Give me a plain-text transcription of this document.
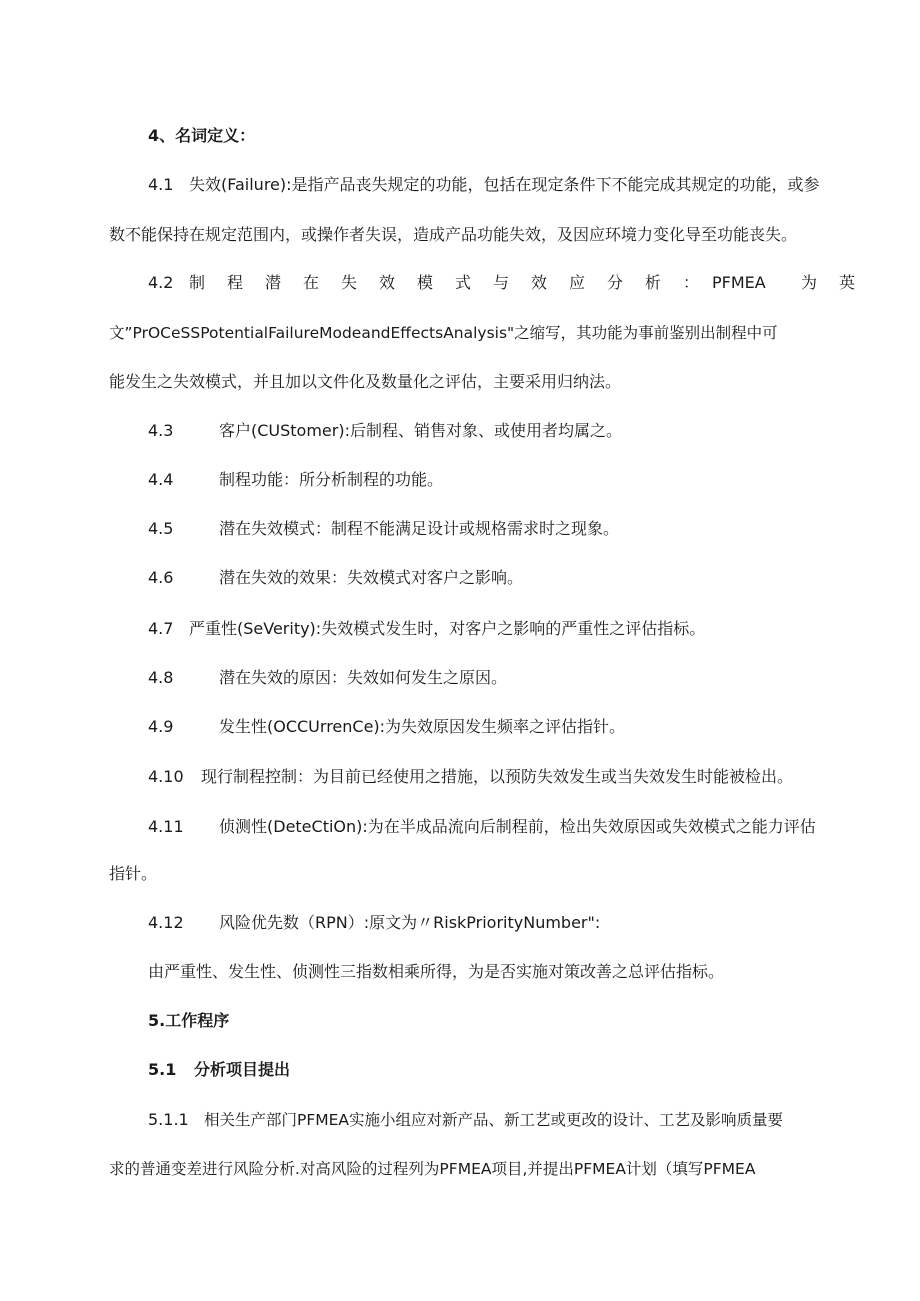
4、名词定义：
4.1 失效(Failure):是指产品丧失规定的功能，包括在现定条件下不能完成其规定的功能，或参
数不能保持在规定范围内，或操作者失误，造成产品功能失效，及因应环境力变化导至功能丧失。
4.2 制 程 潜 在 失 效 模 式 与 效 应 分 析 ： PFMEA 为 英
文”PrOCeSSPotentialFailureModeandEffectsAnalysis"之缩写，其功能为事前鉴别出制程中可
能发生之失效模式，并且加以文件化及数量化之评估，主要采用归纳法。
4.3	客户(CUStomer):后制程、销售对象、或使用者均属之。
4.4	制程功能：所分析制程的功能。
4.5	潜在失效模式：制程不能满足设计或规格需求时之现象。
4.6	潜在失效的效果：失效模式对客户之影响。
4.7 严重性(SeVerity):失效模式发生时，对客户之影响的严重性之评估指标。
4.8	潜在失效的原因：失效如何发生之原因。
4.9	发生性(OCCUrrenCe):为失效原因发生频率之评估指针。
4.10 现行制程控制：为目前已经使用之措施，以预防失效发生或当失效发生时能被检出。
4.11 侦测性(DeteCtiOn):为在半成品流向后制程前，检出失效原因或失效模式之能力评估
指针。
4.12 风险优先数（RPN）:原文为〃RiskPriorityNumber":
由严重性、发生性、侦测性三指数相乘所得，为是否实施对策改善之总评估指标。
5.工作程序
5.1 分析项目提出
5.1.1 相关生产部门PFMEA实施小组应对新产品、新工艺或更改的设计、工艺及影响质量要
求的普通变差进行风险分析.对高风险的过程列为PFMEA项目,并提出PFMEA计划（填写PFMEA
